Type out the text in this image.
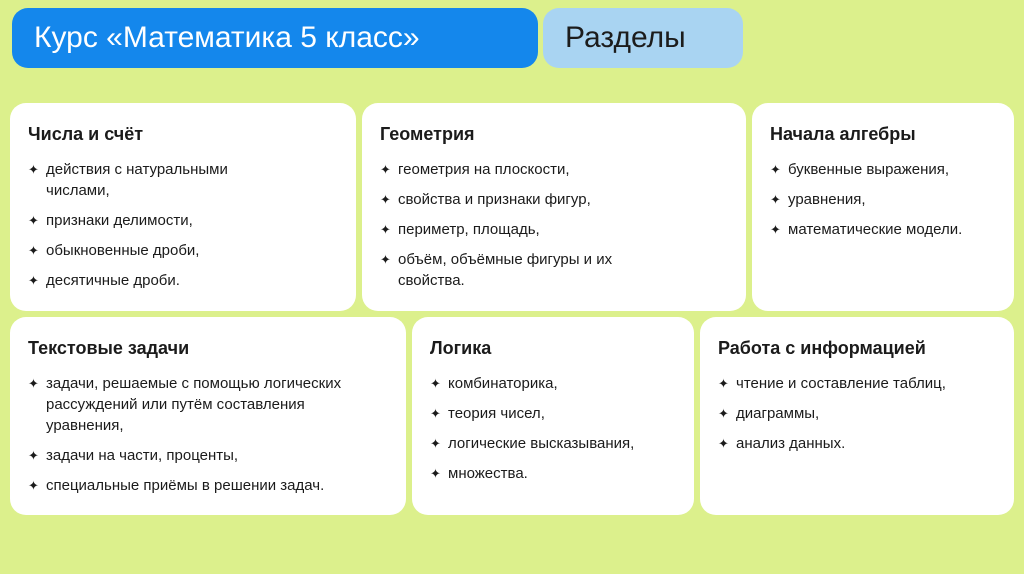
Курс «Математика 5 класс»	Разделы
Числа и счёт
✦ действия с натуральными числами,
✦ признаки делимости,
✦ обыкновенные дроби,
✦ десятичные дроби.
Геометрия
✦ геометрия на плоскости,
✦ свойства и признаки фигур,
✦ периметр, площадь,
✦ объём, объёмные фигуры и их свойства.
Начала алгебры
✦ буквенные выражения,
✦ уравнения,
✦ математические модели.
Текстовые задачи
✦ задачи, решаемые с помощью логических рассуждений или путём составления уравнения,
✦ задачи на части, проценты,
✦ специальные приёмы в решении задач.
Логика
✦ комбинаторика,
✦ теория чисел,
✦ логические высказывания,
✦ множества.
Работа с информацией
✦ чтение и составление таблиц,
✦ диаграммы,
✦ анализ данных.
